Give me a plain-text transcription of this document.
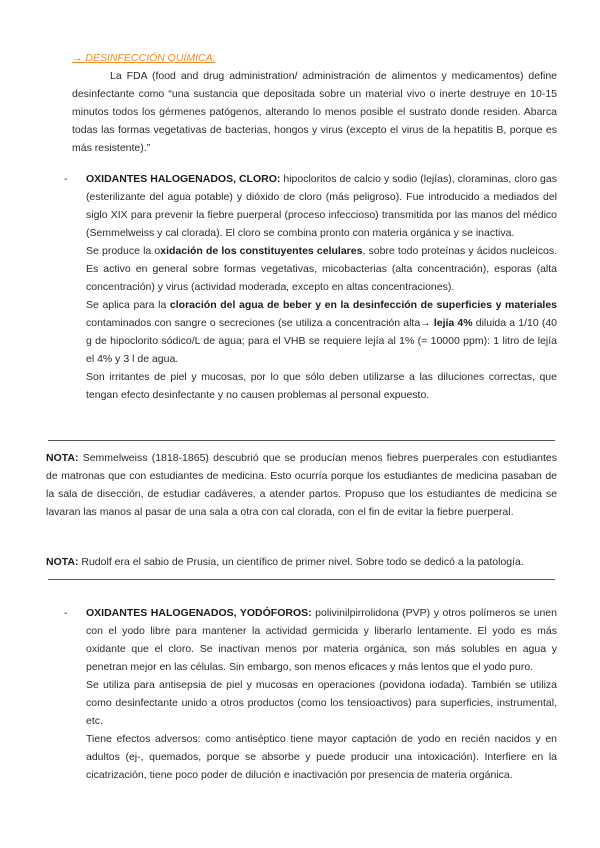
→ DESINFECCIÓN QUÍMICA:

La FDA (food and drug administration/ administración de alimentos y medicamentos) define desinfectante como “una sustancia que depositada sobre un material vivo o inerte destruye en 10-15 minutos todos los gérmenes patógenos, alterando lo menos posible el sustrato donde residen. Abarca todas las formas vegetativas de bacterias, hongos y virus (excepto el virus de la hepatitis B, porque es más resistente).”

-	OXIDANTES HALOGENADOS, CLORO: hipocloritos de calcio y sodio (lejías), cloraminas, cloro gas (esterilizante del agua potable) y dióxido de cloro (más peligroso). Fue introducido a mediados del siglo XIX para prevenir la fiebre puerperal (proceso infeccioso) transmitida por las manos del médico (Semmelweiss y cal clorada). El cloro se combina pronto con materia orgánica y se inactiva.

Se produce la oxidación de los constituyentes celulares, sobre todo proteínas y ácidos nucleicos. Es activo en general sobre formas vegetativas, micobacterias (alta concentración), esporas (alta concentración) y virus (actividad moderada, excepto en altas concentraciones).

Se aplica para la cloración del agua de beber y en la desinfección de superficies y materiales contaminados con sangre o secreciones (se utiliza a concentración alta→ lejía 4% diluida a 1/10 (40 g de hipoclorito sódico/L de agua; para el VHB se requiere lejía al 1% (= 10000 ppm): 1 litro de lejía el 4% y 3 l de agua.

Son irritantes de piel y mucosas, por lo que sólo deben utilizarse a las diluciones correctas, que tengan efecto desinfectante y no causen problemas al personal expuesto.

NOTA: Semmelweiss (1818-1865) descubrió que se producían menos fiebres puerperales con estudiantes de matronas que con estudiantes de medicina. Esto ocurría porque los estudiantes de medicina pasaban de la sala de disección, de estudiar cadáveres, a atender partos. Propuso que los estudiantes de medicina se lavaran las manos al pasar de una sala a otra con cal clorada, con el fin de evitar la fiebre puerperal.

NOTA: Rudolf era el sabio de Prusia, un científico de primer nivel. Sobre todo se dedicó a la patología.

-	OXIDANTES HALOGENADOS, YODÓFOROS: polivinilpirrolidona (PVP) y otros polímeros se unen con el yodo libre para mantener la actividad germicida y liberarlo lentamente. El yodo es más oxidante que el cloro. Se inactivan menos por materia orgánica, son más solubles en agua y penetran mejor en las células. Sin embargo, son menos eficaces y más lentos que el yodo puro.

Se utiliza para antisepsia de piel y mucosas en operaciones (povidona iodada). También se utiliza como desinfectante unido a otros productos (como los tensioactivos) para superficies, instrumental, etc.

Tiene efectos adversos: como antiséptico tiene mayor captación de yodo en recién nacidos y en adultos (ej-, quemados, porque se absorbe y puede producir una intoxicación). Interfiere en la cicatrización, tiene poco poder de dilución e inactivación por presencia de materia orgánica.
